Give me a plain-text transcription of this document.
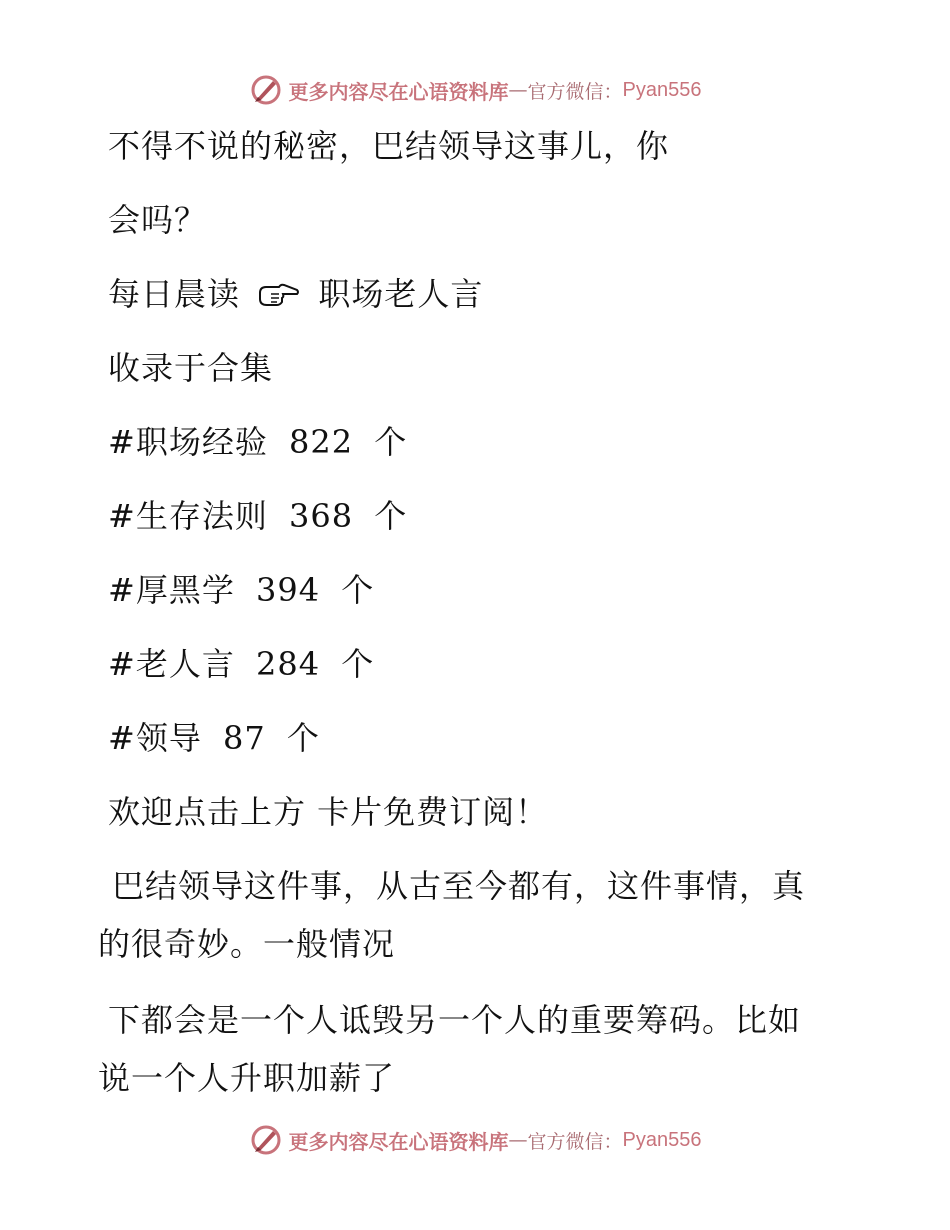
更多内容尽在心语资料库 — 官方微信： Pyan556
不得不说的秘密，巴结领导这事儿，你
会吗？
每日晨读 职场老人言
收录于合集
#职场经验 822 个
#生存法则 368 个
#厚黑学 394 个
#老人言 284 个
#领导 87 个
欢迎点击上方 卡片免费订阅！
巴结领导这件事，从古至今都有，这件事情，真
的很奇妙。一般情况
下都会是一个人诋毁另一个人的重要筹码。比如
说一个人升职加薪了
更多内容尽在心语资料库 — 官方微信： Pyan556
